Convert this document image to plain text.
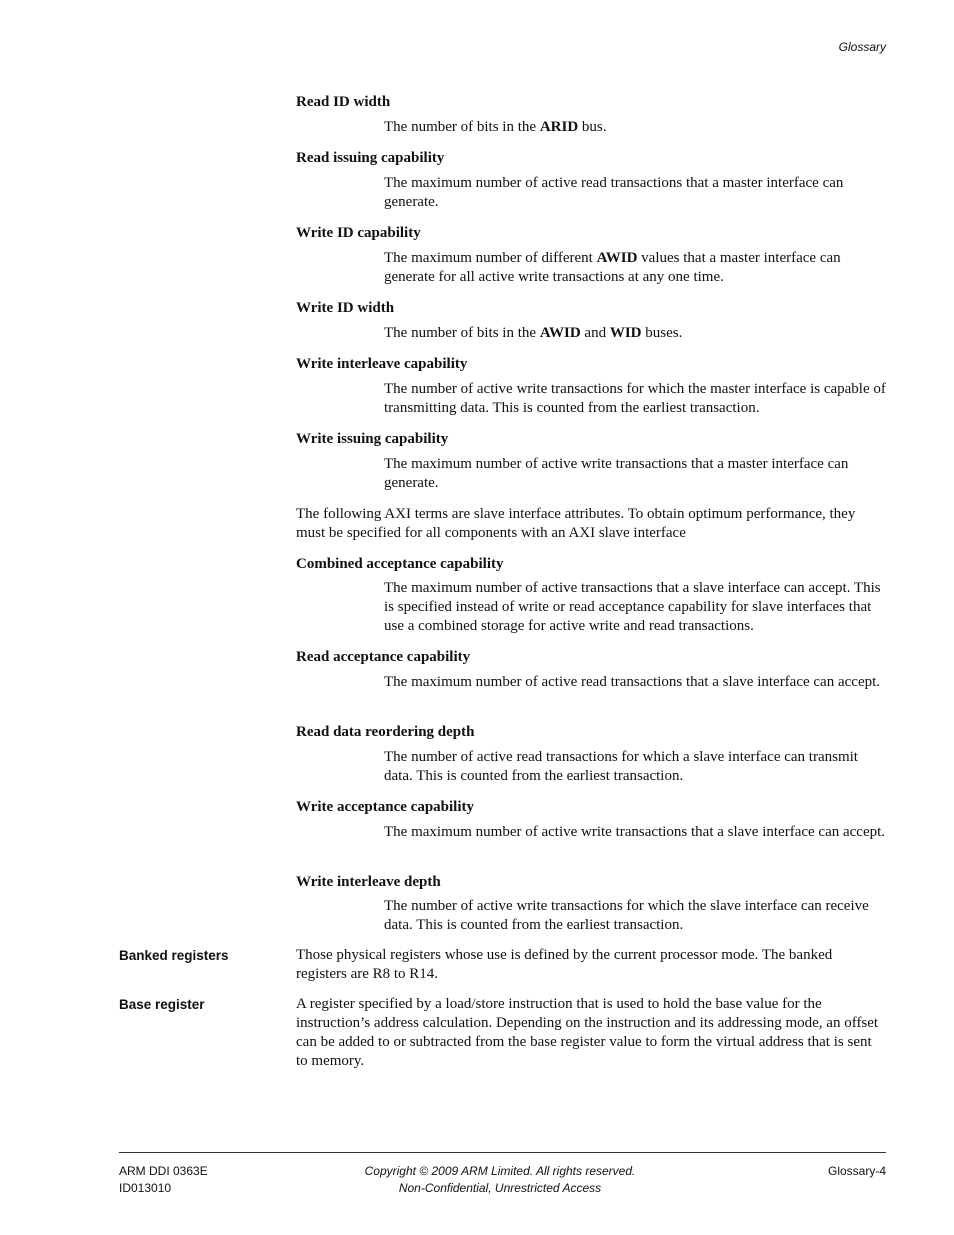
Glossary
Read ID width
The number of bits in the ARID bus.
Read issuing capability
The maximum number of active read transactions that a master interface can generate.
Write ID capability
The maximum number of different AWID values that a master interface can generate for all active write transactions at any one time.
Write ID width
The number of bits in the AWID and WID buses.
Write interleave capability
The number of active write transactions for which the master interface is capable of transmitting data. This is counted from the earliest transaction.
Write issuing capability
The maximum number of active write transactions that a master interface can generate.
The following AXI terms are slave interface attributes. To obtain optimum performance, they must be specified for all components with an AXI slave interface
Combined acceptance capability
The maximum number of active transactions that a slave interface can accept. This is specified instead of write or read acceptance capability for slave interfaces that use a combined storage for active write and read transactions.
Read acceptance capability
The maximum number of active read transactions that a slave interface can accept.
Read data reordering depth
The number of active read transactions for which a slave interface can transmit data. This is counted from the earliest transaction.
Write acceptance capability
The maximum number of active write transactions that a slave interface can accept.
Write interleave depth
The number of active write transactions for which the slave interface can receive data. This is counted from the earliest transaction.
Banked registers	Those physical registers whose use is defined by the current processor mode. The banked registers are R8 to R14.
Base register	A register specified by a load/store instruction that is used to hold the base value for the instruction’s address calculation. Depending on the instruction and its addressing mode, an offset can be added to or subtracted from the base register value to form the virtual address that is sent to memory.
ARM DDI 0363E
ID013010
Copyright © 2009 ARM Limited. All rights reserved.
Non-Confidential, Unrestricted Access
Glossary-4
